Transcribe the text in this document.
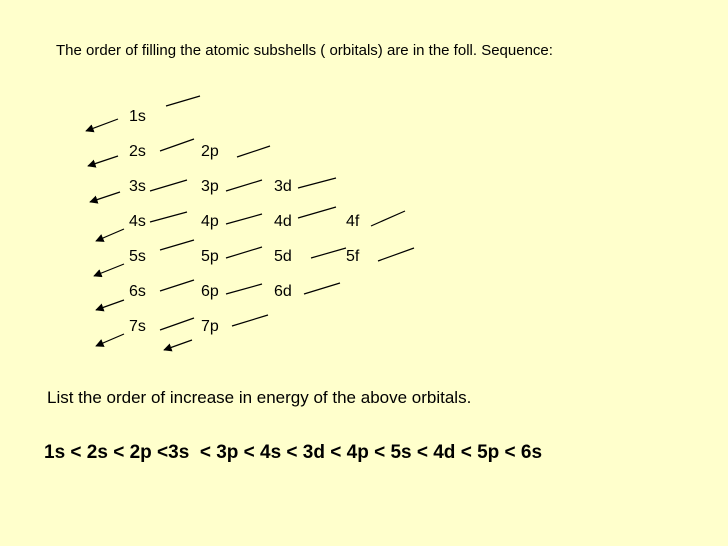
The order of filling the atomic subshells ( orbitals) are in the foll. Sequence:
1s
2s
3s
4s
5s
6s
7s
2p
3p
4p
5p
6p
7p
3d
4d
5d
6d
4f
5f
List the order of increase in energy of the above orbitals.
1s < 2s < 2p <3s  < 3p < 4s < 3d < 4p < 5s < 4d < 5p < 6s
